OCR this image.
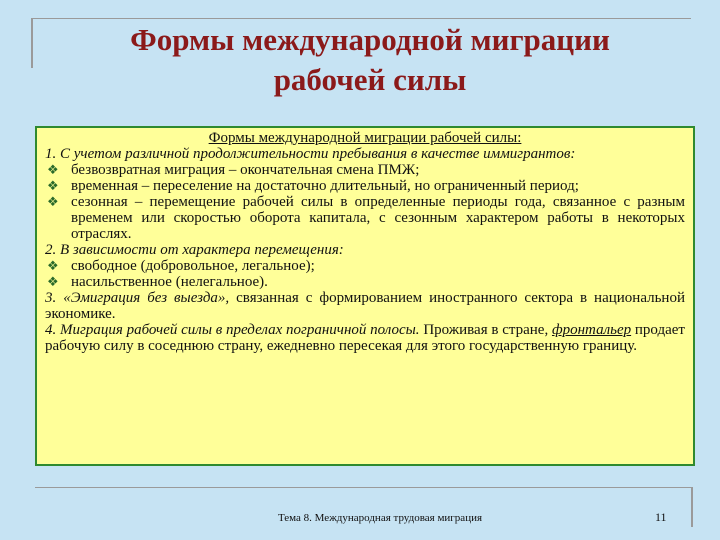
Формы международной миграции
рабочей силы

Формы международной миграции рабочей силы:

1. С учетом различной продолжительности пребывания в качестве иммигрантов:

❖ безвозвратная миграция – окончательная смена ПМЖ;

❖ временная – переселение на достаточно длительный, но ограниченный период;

❖ сезонная – перемещение рабочей силы в определенные периоды года, связанное с разным временем или скоростью оборота капитала, с сезонным характером работы в некоторых отраслях.

2. В зависимости от характера перемещения:

❖ свободное (добровольное, легальное);

❖ насильственное (нелегальное).

3. «Эмиграция без выезда», связанная с формированием иностранного сектора в национальной экономике.

4. Миграция рабочей силы в пределах пограничной полосы. Проживая в стране, фронтальер продает рабочую силу в соседнюю страну, ежедневно пересекая для этого государственную границу.

Тема 8. Международная трудовая миграция	11
